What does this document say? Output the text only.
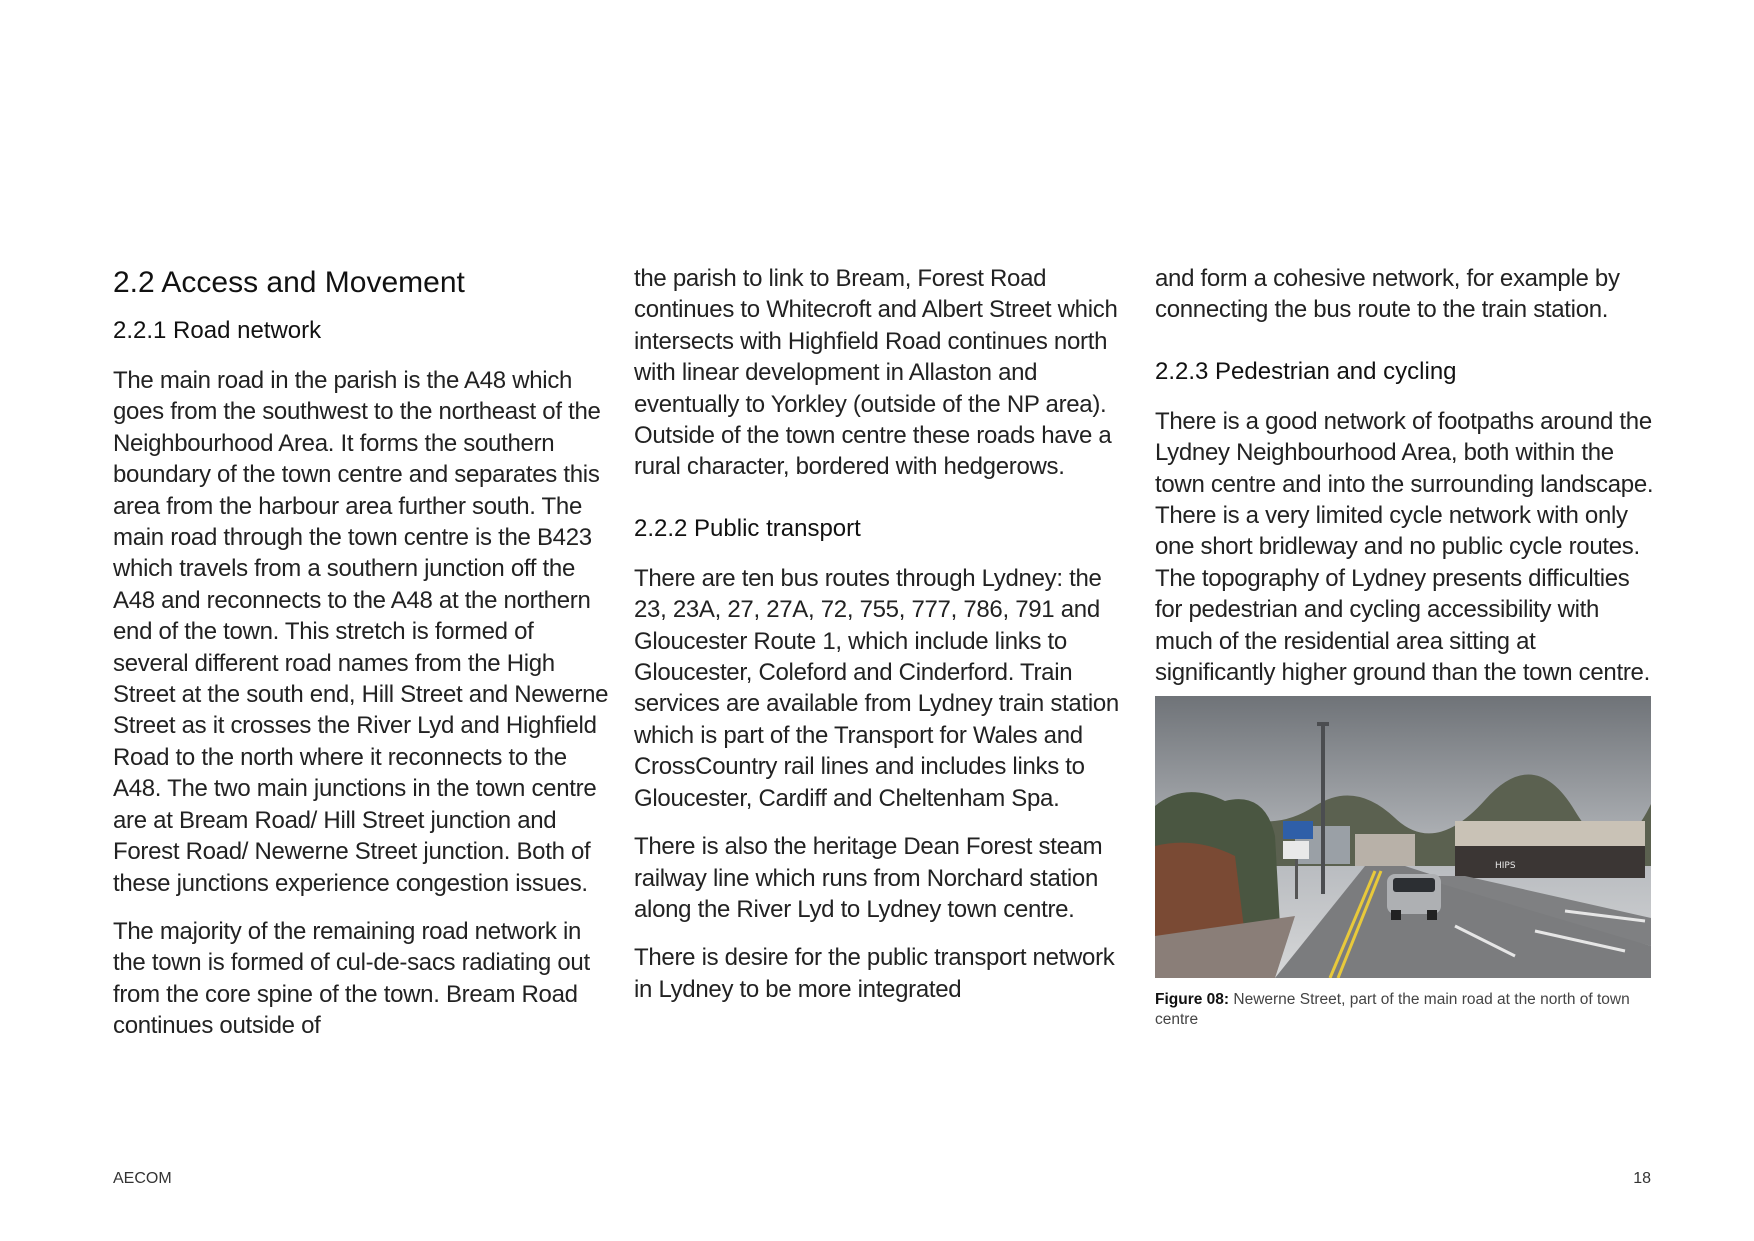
2.2 Access and Movement
2.2.1 Road network

The main road in the parish is the A48 which goes from the southwest to the northeast of the Neighbourhood Area. It forms the southern boundary of the town centre and separates this area from the harbour area further south. The main road through the town centre is the B423 which travels from a southern junction off the A48 and reconnects to the A48 at the northern end of the town. This stretch is formed of several different road names from the High Street at the south end, Hill Street and Newerne Street as it crosses the River Lyd and Highfield Road to the north where it reconnects to the A48. The two main junctions in the town centre are at Bream Road/ Hill Street junction and Forest Road/ Newerne Street junction. Both of these junctions experience congestion issues.

The majority of the remaining road network in the town is formed of cul-de-sacs radiating out from the core spine of the town. Bream Road continues outside of

the parish to link to Bream, Forest Road continues to Whitecroft and Albert Street which intersects with Highfield Road continues north with linear development in Allaston and eventually to Yorkley (outside of the NP area). Outside of the town centre these roads have a rural character, bordered with hedgerows.

2.2.2 Public transport

There are ten bus routes through Lydney: the 23, 23A, 27, 27A, 72, 755, 777, 786, 791 and Gloucester Route 1, which include links to Gloucester, Coleford and Cinderford. Train services are available from Lydney train station which is part of the Transport for Wales and CrossCountry rail lines and includes links to Gloucester, Cardiff and Cheltenham Spa.

There is also the heritage Dean Forest steam railway line which runs from Norchard station along the River Lyd to Lydney town centre.

There is desire for the public transport network in Lydney to be more integrated

and form a cohesive network, for example by connecting the bus route to the train station.

2.2.3 Pedestrian and cycling

There is a good network of footpaths around the Lydney Neighbourhood Area, both within the town centre and into the surrounding landscape. There is a very limited cycle network with only one short bridleway and no public cycle routes. The topography of Lydney presents difficulties for pedestrian and cycling accessibility with much of the residential area sitting at significantly higher ground than the town centre.

HIPS
Figure 08: Newerne Street, part of the main road at the north of town centre
AECOM	18
